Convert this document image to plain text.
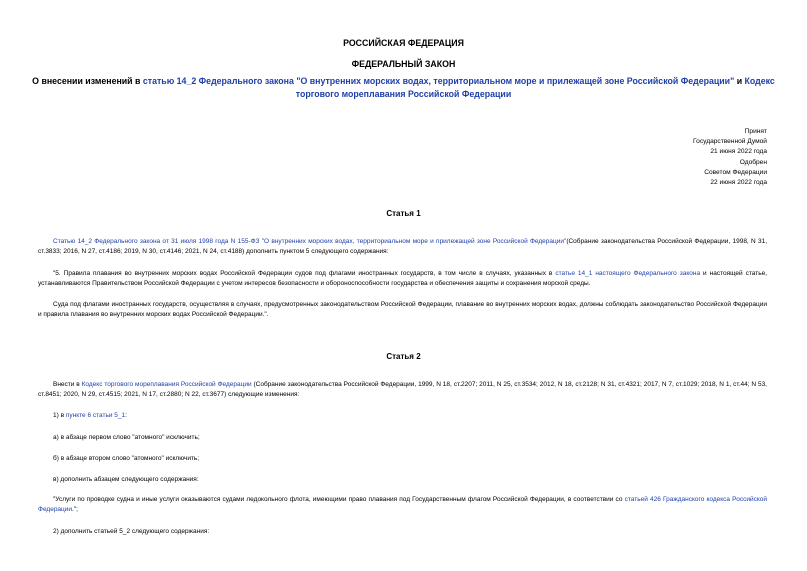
РОССИЙСКАЯ ФЕДЕРАЦИЯ
ФЕДЕРАЛЬНЫЙ ЗАКОН
О внесении изменений в статью 14_2 Федерального закона "О внутренних морских водах, территориальном море и прилежащей зоне Российской Федерации" и Кодекс торгового мореплавания Российской Федерации
Принят
Государственной Думой
21 июня 2022 года
Одобрен
Советом Федерации
22 июня 2022 года
Статья 1
Статью 14_2 Федерального закона от 31 июля 1998 года N 155-ФЗ "О внутренних морских водах, территориальном море и прилежащей зоне Российской Федерации"(Собрание законодательства Российской Федерации, 1998, N 31, ст.3833; 2016, N 27, ст.4186; 2019, N 30, ст.4146; 2021, N 24, ст.4188) дополнить пунктом 5 следующего содержания:
"5. Правила плавания во внутренних морских водах Российской Федерации судов под флагами иностранных государств, в том числе в случаях, указанных в статье 14_1 настоящего Федерального закона и настоящей статье, устанавливаются Правительством Российской Федерации с учетом интересов безопасности и обороноспособности государства и обеспечения защиты и сохранения морской среды.
Суда под флагами иностранных государств, осуществляя в случаях, предусмотренных законодательством Российской Федерации, плавание во внутренних морских водах, должны соблюдать законодательство Российской Федерации и правила плавания во внутренних морских водах Российской Федерации.".
Статья 2
Внести в Кодекс торгового мореплавания Российской Федерации (Собрание законодательства Российской Федерации, 1999, N 18, ст.2207; 2011, N 25, ст.3534; 2012, N 18, ст.2128; N 31, ст.4321; 2017, N 7, ст.1029; 2018, N 1, ст.44; N 53, ст.8451; 2020, N 29, ст.4515; 2021, N 17, ст.2880; N 22, ст.3677) следующие изменения:
1) в пункте 6 статьи 5_1:
а) в абзаце первом слово "атомного" исключить;
б) в абзаце втором слово "атомного" исключить;
в) дополнить абзацем следующего содержания:
"Услуги по проводке судна и иные услуги оказываются судами ледокольного флота, имеющими право плавания под Государственным флагом Российской Федерации, в соответствии со статьей 426 Гражданского кодекса Российской Федерации.";
2) дополнить статьей 5_2 следующего содержания:
